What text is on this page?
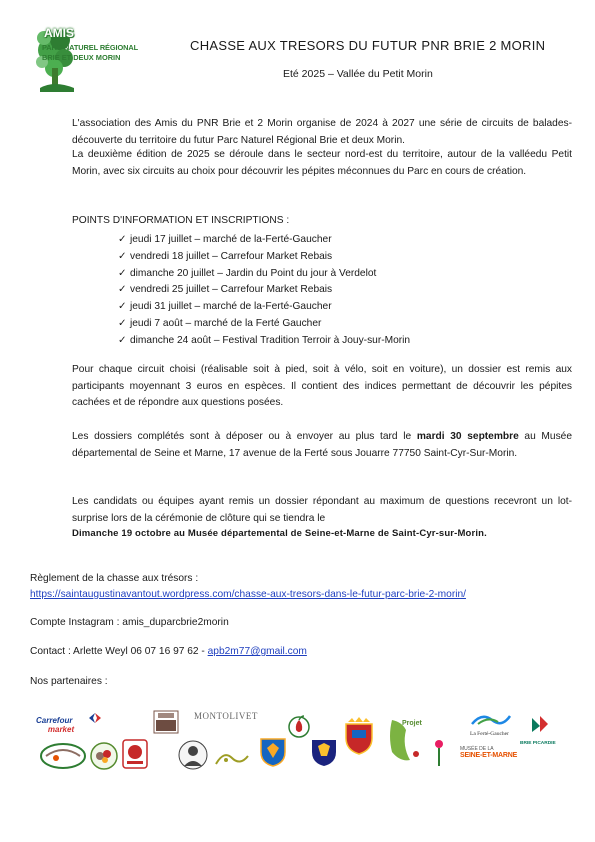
AMIS
PARC NATUREL RÉGIONAL
BRIE ET DEUX MORIN
CHASSE AUX TRESORS DU FUTUR PNR BRIE 2 MORIN
Eté 2025 – Vallée du Petit Morin
L'association des Amis du PNR Brie et 2 Morin organise de 2024 à 2027 une série de circuits de balades-découverte du territoire du futur Parc Naturel Régional Brie et deux Morin.
La deuxième édition de 2025 se déroule dans le secteur nord-est du territoire, autour de la valléedu Petit Morin, avec six circuits au choix pour découvrir les pépites méconnues du Parc en cours de création.
POINTS D'INFORMATION ET INSCRIPTIONS :
✓ jeudi 17 juillet – marché de la-Ferté-Gaucher
✓ vendredi 18 juillet – Carrefour Market Rebais
✓ dimanche 20 juillet – Jardin du Point du jour à Verdelot
✓ vendredi 25 juillet – Carrefour Market Rebais
✓ jeudi 31 juillet – marché de la-Ferté-Gaucher
✓ jeudi 7 août – marché de la Ferté Gaucher
✓ dimanche 24 août – Festival Tradition Terroir à Jouy-sur-Morin
Pour chaque circuit choisi (réalisable soit à pied, soit à vélo, soit en voiture), un dossier est remis aux participants moyennant 3 euros en espèces. Il contient des indices permettant de découvrir les pépites cachées et de répondre aux questions posées.
Les dossiers complétés sont à déposer ou à envoyer au plus tard le mardi 30 septembre au Musée départemental de Seine et Marne, 17 avenue de la Ferté sous Jouarre 77750 Saint-Cyr-Sur-Morin.
Les candidats ou équipes ayant remis un dossier répondant au maximum de questions recevront un lot-surprise lors de la cérémonie de clôture qui se tiendra le
Dimanche 19 octobre au Musée départemental de Seine-et-Marne de Saint-Cyr-sur-Morin.
Règlement de la chasse aux trésors :
https://saintaugustinavantout.wordpress.com/chasse-aux-tresors-dans-le-futur-parc-brie-2-morin/
Compte Instagram : amis_duparcbrie2morin
Contact : Arlette Weyl 06 07 16 97 62 - apb2m77@gmail.com
Nos partenaires :
Carrefour
market
MONTOLIVET
Projet
MUSÉE DE LA
SEINE-ET-MARNE
La Ferté-Gaucher
BRIE PICARDIE
